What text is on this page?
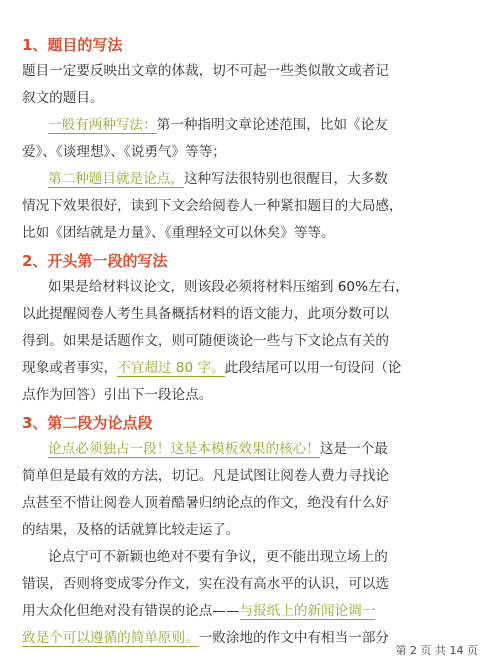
1、题目的写法
题目一定要反映出文章的体裁，切不可起一些类似散文或者记
叙文的题目。
一般有两种写法：第一种指明文章论述范围，比如《论友
爱》、《谈理想》、《说勇气》等等；
第二种题目就是论点，这种写法很特别也很醒目，大多数
情况下效果很好，读到下文会给阅卷人一种紧扣题目的大局感，
比如《团结就是力量》、《重理轻文可以休矣》等等。
2、开头第一段的写法
如果是给材料议论文，则该段必须将材料压缩到 60%左右，
以此提醒阅卷人考生具备概括材料的语文能力，此项分数可以
得到。如果是话题作文，则可随便谈论一些与下文论点有关的
现象或者事实，不宜超过 80 字。此段结尾可以用一句设问（论
点作为回答）引出下一段论点。
3、第二段为论点段
论点必须独占一段！这是本模板效果的核心！这是一个最
简单但是最有效的方法，切记。凡是试图让阅卷人费力寻找论
点甚至不惜让阅卷人顶着酷暑归纳论点的作文，绝没有什么好
的结果，及格的话就算比较走运了。
论点宁可不新颖也绝对不要有争议，更不能出现立场上的
错误，否则将变成零分作文，实在没有高水平的认识，可以选
用大众化但绝对没有错误的论点——与报纸上的新闻论调一
致是个可以遵循的简单原则。一败涂地的作文中有相当一部分
第 2 页 共 14 页
